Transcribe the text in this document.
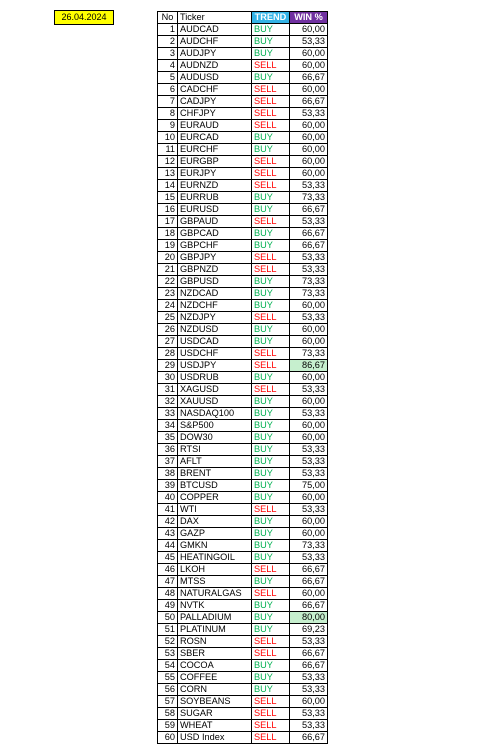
26.04.2024	No	Ticker	TREND	WIN %
1	AUDCAD	BUY	60,00
2	AUDCHF	BUY	53,33
3	AUDJPY	BUY	60,00
4	AUDNZD	SELL	60,00
5	AUDUSD	BUY	66,67
6	CADCHF	SELL	60,00
7	CADJPY	SELL	66,67
8	CHFJPY	SELL	53,33
9	EURAUD	SELL	60,00
10	EURCAD	BUY	60,00
11	EURCHF	BUY	60,00
12	EURGBP	SELL	60,00
13	EURJPY	SELL	60,00
14	EURNZD	SELL	53,33
15	EURRUB	BUY	73,33
16	EURUSD	BUY	66,67
17	GBPAUD	SELL	53,33
18	GBPCAD	BUY	66,67
19	GBPCHF	BUY	66,67
20	GBPJPY	SELL	53,33
21	GBPNZD	SELL	53,33
22	GBPUSD	BUY	73,33
23	NZDCAD	BUY	73,33
24	NZDCHF	BUY	60,00
25	NZDJPY	SELL	53,33
26	NZDUSD	BUY	60,00
27	USDCAD	BUY	60,00
28	USDCHF	SELL	73,33
29	USDJPY	SELL	86,67
30	USDRUB	BUY	60,00
31	XAGUSD	SELL	53,33
32	XAUUSD	BUY	60,00
33	NASDAQ100	BUY	53,33
34	S&P500	BUY	60,00
35	DOW30	BUY	60,00
36	RTSI	BUY	53,33
37	AFLT	BUY	53,33
38	BRENT	BUY	53,33
39	BTCUSD	BUY	75,00
40	COPPER	BUY	60,00
41	WTI	SELL	53,33
42	DAX	BUY	60,00
43	GAZP	BUY	60,00
44	GMKN	BUY	73,33
45	HEATINGOIL	BUY	53,33
46	LKOH	SELL	66,67
47	MTSS	BUY	66,67
48	NATURALGAS	SELL	60,00
49	NVTK	BUY	66,67
50	PALLADIUM	BUY	80,00
51	PLATINUM	BUY	69,23
52	ROSN	SELL	53,33
53	SBER	SELL	66,67
54	COCOA	BUY	66,67
55	COFFEE	BUY	53,33
56	CORN	BUY	53,33
57	SOYBEANS	SELL	60,00
58	SUGAR	SELL	53,33
59	WHEAT	SELL	53,33
60	USD Index	SELL	66,67
